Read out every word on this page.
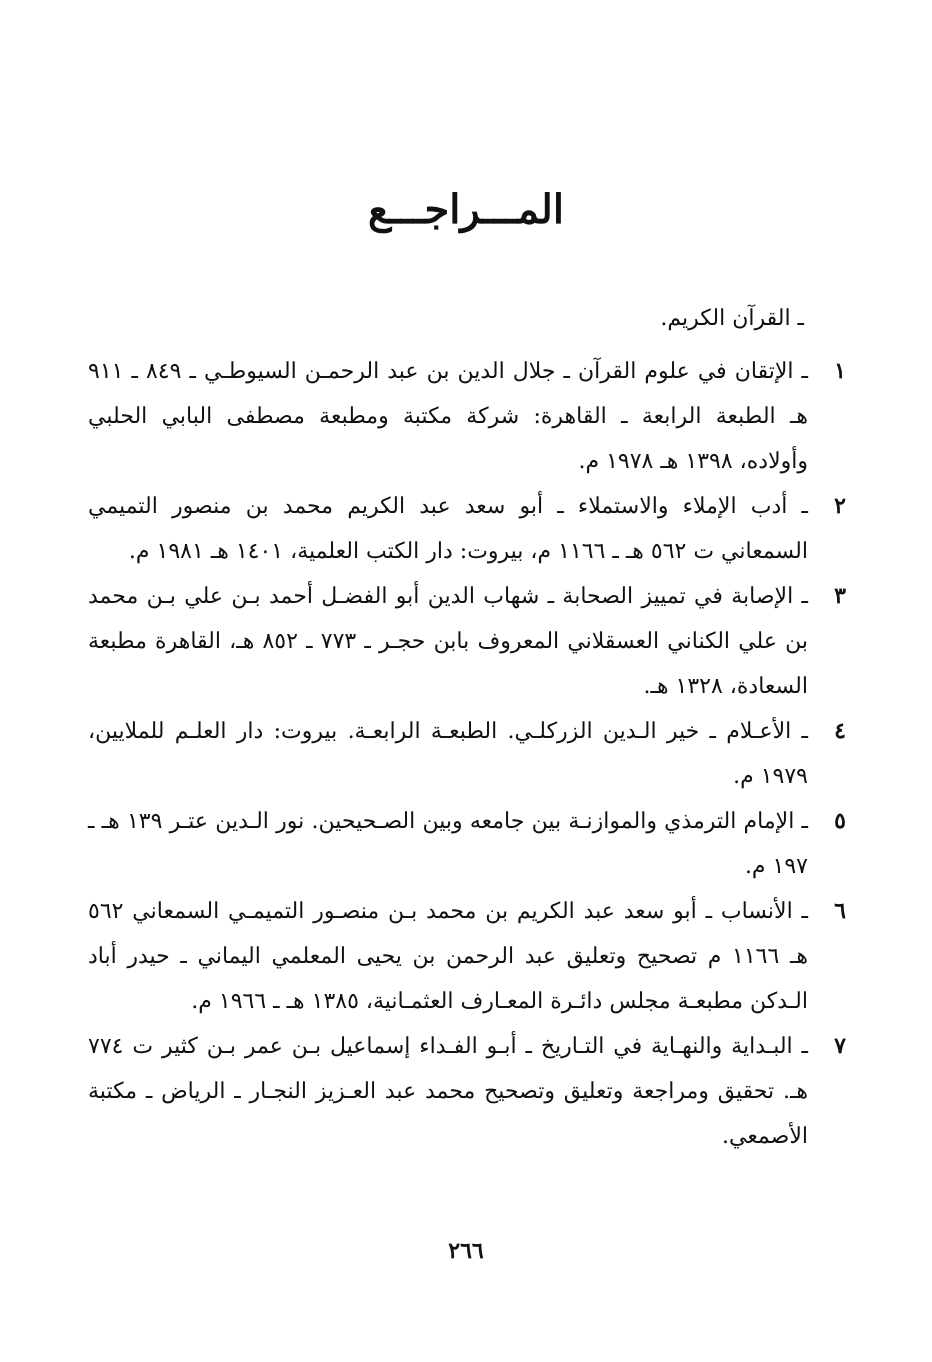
المـــراجـــع
ـ القرآن الكريم.
١
ـ الإتقان في علوم القرآن ـ جلال الدين بن عبد الرحمـن السيوطـي ـ ٨٤٩ ـ ٩١١ هـ الطبعة الرابعة ـ القاهرة: شركة مكتبة ومطبعة مصطفى البابي الحلبي وأولاده، ١٣٩٨ هـ ١٩٧٨ م.
٢
ـ أدب الإملاء والاستملاء ـ أبو سعد عبد الكريم محمد بن منصور التميمي السمعاني ت ٥٦٢ هـ ـ ١١٦٦ م، بيروت: دار الكتب العلمية، ١٤٠١ هـ ١٩٨١ م.
٣
ـ الإصابة في تمييز الصحابة ـ شهاب الدين أبو الفضـل أحمد بـن علي بـن محمد بن علي الكناني العسقلاني المعروف بابن حجـر ـ ٧٧٣ ـ ٨٥٢ هـ، القاهرة مطبعة السعادة، ١٣٢٨ هـ.
٤
ـ الأعـلام ـ خير الـدين الزركلـي. الطبعـة الرابعـة. بيروت: دار العلـم للملايين، ١٩٧٩ م.
٥
ـ الإمام الترمذي والموازنـة بين جامعه وبين الصـحيحين. نور الـدين عتـر ١٣٩ هـ ـ ١٩٧ م.
٦
ـ الأنساب ـ أبو سعد عبد الكريم بن محمد بـن منصـور التميمـي السمعاني ٥٦٢ هـ ١١٦٦ م تصحيح وتعليق عبد الرحمن بن يحيى المعلمي اليماني ـ حيدر أباد الـدكن مطبعـة مجلس دائـرة المعـارف العثمـانية، ١٣٨٥ هـ ـ ١٩٦٦ م.
٧
ـ البـداية والنهـاية في التـاريخ ـ أبـو الفـداء إسماعيل بـن عمر بـن كثير ت ٧٧٤ هـ. تحقيق ومراجعة وتعليق وتصحيح محمد عبد العـزيز النجـار ـ الرياض ـ مكتبة الأصمعي.
٢٦٦
